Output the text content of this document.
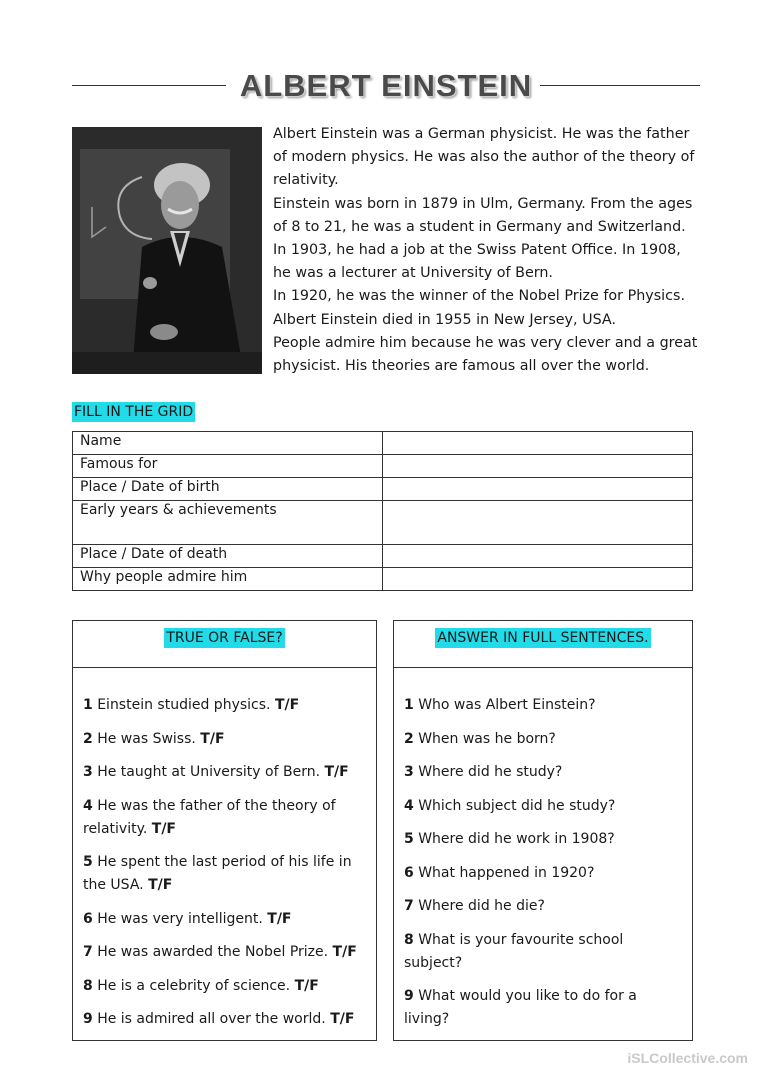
ALBERT EINSTEIN

Albert Einstein was a German physicist. He was the father of modern physics. He was also the author of the theory of relativity.

Einstein was born in 1879 in Ulm, Germany. From the ages of 8 to 21, he was a student in Germany and Switzerland. In 1903, he had a job at the Swiss Patent Office. In 1908, he was a lecturer at University of Bern.

In 1920, he was the winner of the Nobel Prize for Physics. Albert Einstein died in 1955 in New Jersey, USA.

People admire him because he was very clever and a great physicist. His theories are famous all over the world.

FILL IN THE GRID
Name	
Famous for	
Place / Date of birth	
Early years & achievements	
Place / Date of death	
Why people admire him	
TRUE OR FALSE?
1 Einstein studied physics. T/F
2 He was Swiss. T/F
3 He taught at University of Bern. T/F
4 He was the father of the theory of relativity. T/F
5 He spent the last period of his life in the USA. T/F
6 He was very intelligent. T/F
7 He was awarded the Nobel Prize. T/F
8 He is a celebrity of science. T/F
9 He is admired all over the world. T/F
ANSWER IN FULL SENTENCES.
1 Who was Albert Einstein?
2 When was he born?
3 Where did he study?
4 Which subject did he study?
5 Where did he work in 1908?
6 What happened in 1920?
7 Where did he die?
8 What is your favourite school subject?
9 What would you like to do for a living?
iSLCollective.com
